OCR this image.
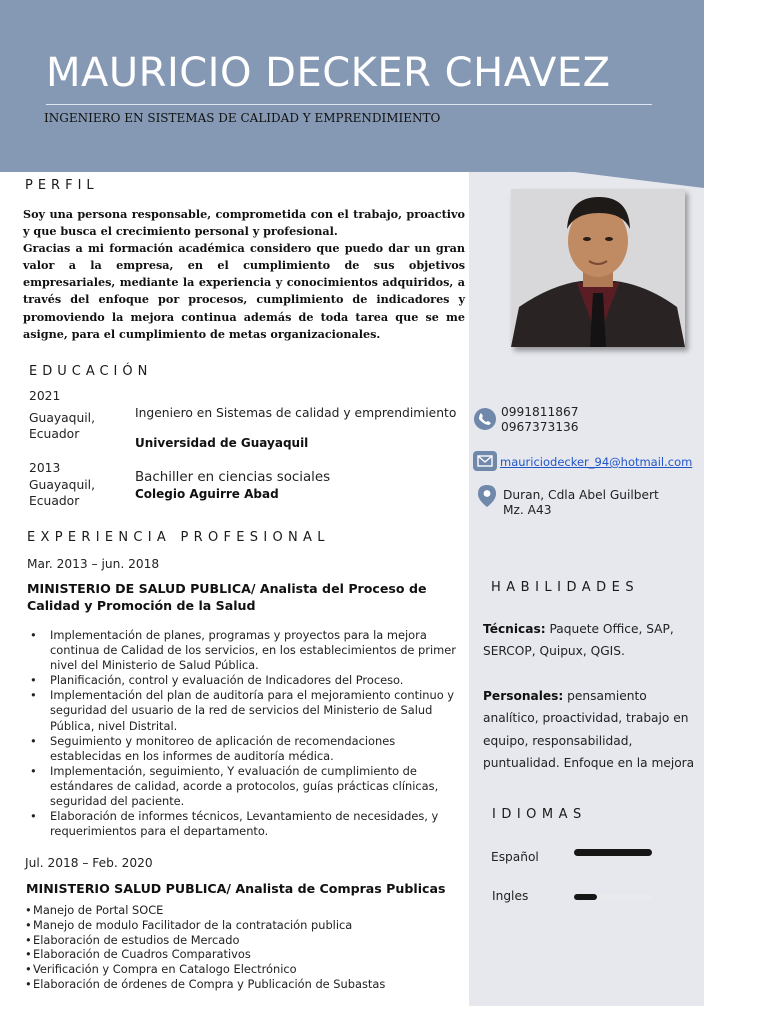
MAURICIO DECKER CHAVEZ
INGENIERO EN SISTEMAS DE CALIDAD Y EMPRENDIMIENTO
PERFIL

Soy una persona responsable, comprometida con el trabajo, proactivo y que busca el crecimiento personal y profesional.

Gracias a mi formación académica considero que puedo dar un gran valor a la empresa, en el cumplimiento de sus objetivos empresariales, mediante la experiencia y conocimientos adquiridos, a través del enfoque por procesos, cumplimiento de indicadores y promoviendo la mejora continua además de toda tarea que se me asigne, para el cumplimiento de metas organizacionales.

EDUCACIÓN
2021
Guayaquil, Ecuador
Ingeniero en Sistemas de calidad y emprendimiento
Universidad de Guayaquil
2013
Guayaquil, Ecuador
Bachiller en ciencias sociales
Colegio Aguirre Abad
EXPERIENCIA PROFESIONAL
Mar. 2013 – jun. 2018
MINISTERIO DE SALUD PUBLICA/ Analista del Proceso de Calidad y Promoción de la Salud
• Implementación de planes, programas y proyectos para la mejora continua de Calidad de los servicios, en los establecimientos de primer nivel del Ministerio de Salud Pública.
• Planificación, control y evaluación de Indicadores del Proceso.
• Implementación del plan de auditoría para el mejoramiento continuo y seguridad del usuario de la red de servicios del Ministerio de Salud Pública, nivel Distrital.
• Seguimiento y monitoreo de aplicación de recomendaciones establecidas en los informes de auditoría médica.
• Implementación, seguimiento, Y evaluación de cumplimiento de estándares de calidad, acorde a protocolos, guías prácticas clínicas, seguridad del paciente.
• Elaboración de informes técnicos, Levantamiento de necesidades, y requerimientos para el departamento.
Jul. 2018 – Feb. 2020
MINISTERIO SALUD PUBLICA/ Analista de Compras Publicas
• Manejo de Portal SOCE
• Manejo de modulo Facilitador de la contratación publica
• Elaboración de estudios de Mercado
• Elaboración de Cuadros Comparativos
• Verificación y Compra en Catalogo Electrónico
• Elaboración de órdenes de Compra y Publicación de Subastas
0991811867
0967373136
mauriciodecker_94@hotmail.com
Duran, Cdla Abel Guilbert
Mz. A43
HABILIDADES
Técnicas: Paquete Office, SAP, SERCOP, Quipux, QGIS.
Personales: pensamiento analítico, proactividad, trabajo en equipo, responsabilidad, puntualidad. Enfoque en la mejora
IDIOMAS
Español
Ingles
